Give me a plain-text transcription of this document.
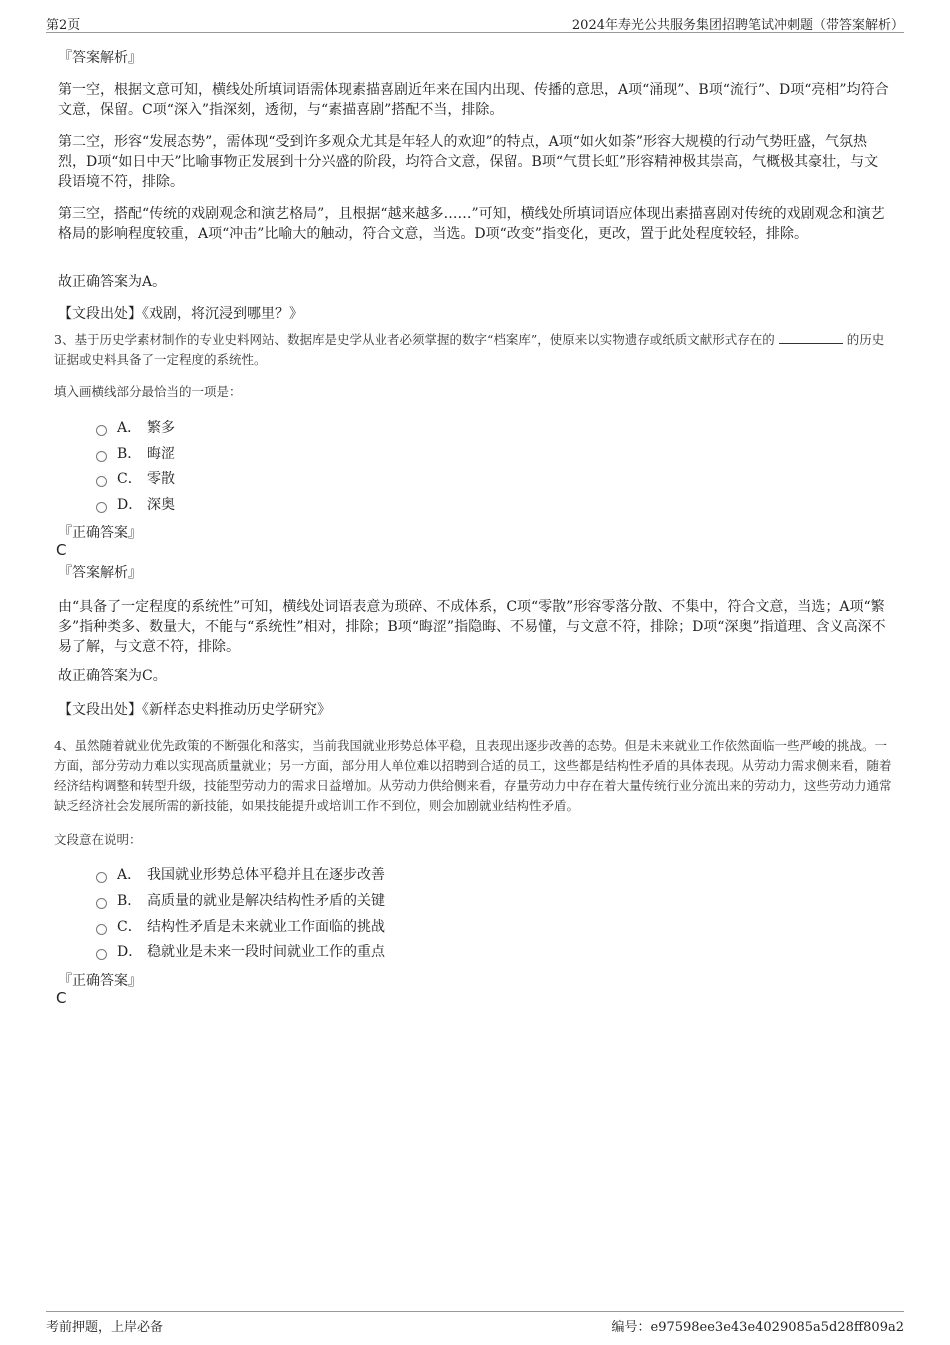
第2页	2024年寿光公共服务集团招聘笔试冲刺题（带答案解析）
『答案解析』
第一空，根据文意可知，横线处所填词语需体现素描喜剧近年来在国内出现、传播的意思，A项“涌现”、B项“流行”、D项“亮相”均符合文意，保留。C项“深入”指深刻，透彻，与“素描喜剧”搭配不当，排除。
第二空，形容“发展态势”，需体现“受到许多观众尤其是年轻人的欢迎”的特点，A项“如火如荼”形容大规模的行动气势旺盛，气氛热烈，D项“如日中天”比喻事物正发展到十分兴盛的阶段，均符合文意，保留。B项“气贯长虹”形容精神极其崇高，气概极其豪壮，与文段语境不符，排除。
第三空，搭配“传统的戏剧观念和演艺格局”，且根据“越来越多……”可知，横线处所填词语应体现出素描喜剧对传统的戏剧观念和演艺格局的影响程度较重，A项“冲击”比喻大的触动，符合文意，当选。D项“改变”指变化，更改，置于此处程度较轻，排除。
故正确答案为A。
【文段出处】《戏剧，将沉浸到哪里？》
3、基于历史学素材制作的专业史料网站、数据库是史学从业者必须掌握的数字“档案库”，使原来以实物遗存或纸质文献形式存在的	的历史证据或史料具备了一定程度的系统性。
填入画横线部分最恰当的一项是：
A． 繁多
B． 晦涩
C． 零散
D． 深奥
『正确答案』
C
『答案解析』
由“具备了一定程度的系统性”可知，横线处词语表意为琐碎、不成体系，C项“零散”形容零落分散、不集中，符合文意，当选；A项“繁多”指种类多、数量大，不能与“系统性”相对，排除；B项“晦涩”指隐晦、不易懂，与文意不符，排除；D项“深奥”指道理、含义高深不易了解，与文意不符，排除。
故正确答案为C。
【文段出处】《新样态史料推动历史学研究》
4、虽然随着就业优先政策的不断强化和落实，当前我国就业形势总体平稳，且表现出逐步改善的态势。但是未来就业工作依然面临一些严峻的挑战。一方面，部分劳动力难以实现高质量就业；另一方面，部分用人单位难以招聘到合适的员工，这些都是结构性矛盾的具体表现。从劳动力需求侧来看，随着经济结构调整和转型升级，技能型劳动力的需求日益增加。从劳动力供给侧来看，存量劳动力中存在着大量传统行业分流出来的劳动力，这些劳动力通常缺乏经济社会发展所需的新技能，如果技能提升或培训工作不到位，则会加剧就业结构性矛盾。
文段意在说明：
A． 我国就业形势总体平稳并且在逐步改善
B． 高质量的就业是解决结构性矛盾的关键
C． 结构性矛盾是未来就业工作面临的挑战
D． 稳就业是未来一段时间就业工作的重点
『正确答案』
C
考前押题，上岸必备	编号：e97598ee3e43e4029085a5d28ff809a2
